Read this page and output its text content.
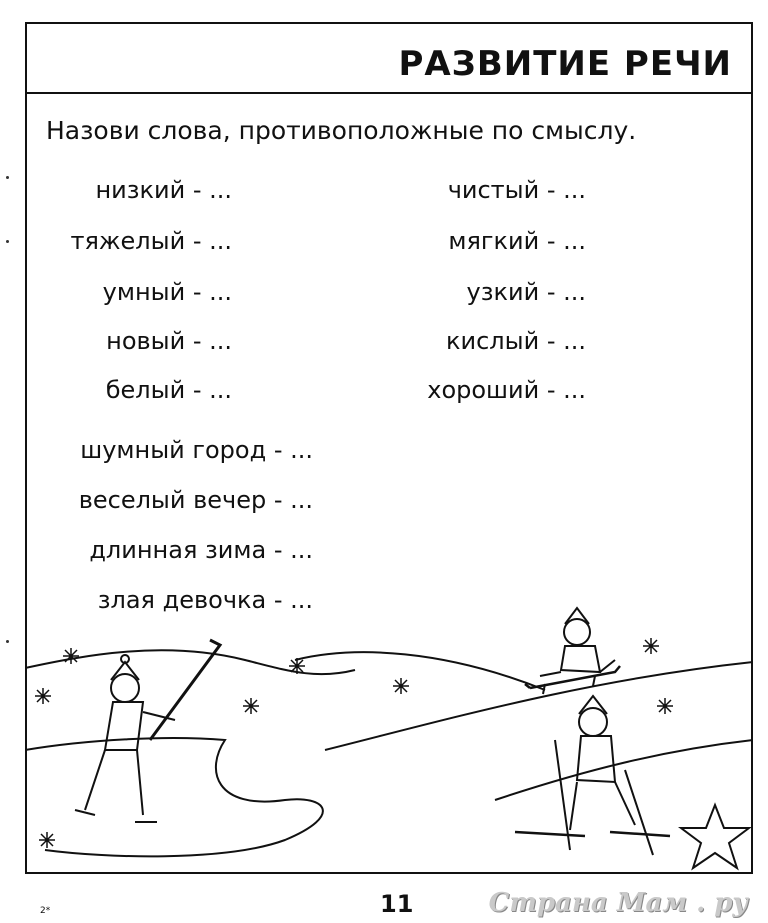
РАЗВИТИЕ РЕЧИ
Назови слова, противоположные по смыслу.
низкий - ...
тяжелый - ...
умный - ...
новый - ...
белый - ...
чистый - ...
мягкий - ...
узкий - ...
кислый - ...
хороший - ...
шумный город - ...
веселый вечер - ...
длинная зима - ...
злая девочка - ...
11
2*	Страна Мам . ру
